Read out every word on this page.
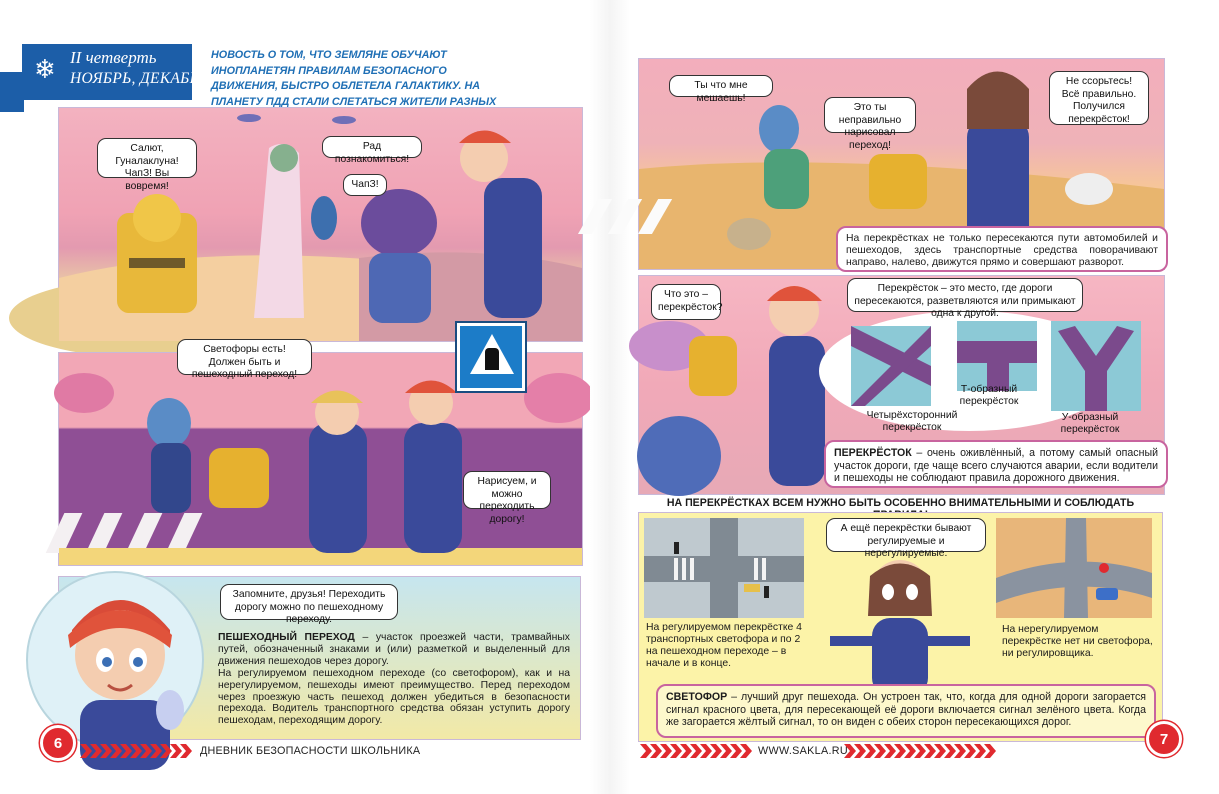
❄ II четверть
НОЯБРЬ, ДЕКАБРЬ
НОВОСТЬ О ТОМ, ЧТО ЗЕМЛЯНЕ ОБУЧАЮТ ИНОПЛАНЕТЯН ПРАВИЛАМ БЕЗОПАСНОГО ДВИЖЕНИЯ, БЫСТРО ОБЛЕТЕЛА ГАЛАКТИКУ. НА ПЛАНЕТУ ПДД СТАЛИ СЛЕТАТЬСЯ ЖИТЕЛИ РАЗНЫХ
Салют, Гуналаклуна! ЧапЗ! Вы вовремя!
Рад познакомиться!
ЧапЗ!
Светофоры есть! Должен быть и пешеходный переход!
Нарисуем, и можно переходить дорогу!
Запомните, друзья! Переходить дорогу можно по пешеходному переходу.
ПЕШЕХОДНЫЙ ПЕРЕХОД – участок проезжей части, трамвайных путей, обозначенный знаками и (или) разметкой и выделенный для движения пешеходов через дорогу.
На регулируемом пешеходном переходе (со светофором), как и на нерегулируемом, пешеходы имеют преимущество. Перед переходом через проезжую часть пешеход должен убедиться в безопасности перехода. Водитель транспортного средства обязан уступить дорогу пешеходам, переходящим дорогу.
6	ДНЕВНИК БЕЗОПАСНОСТИ ШКОЛЬНИКА
Ты что мне мешаешь!
Это ты неправильно нарисовал переход!
Не ссорьтесь! Всё правильно. Получился перекрёсток!
На перекрёстках не только пересекаются пути автомобилей и пешеходов, здесь транспортные средства поворачивают направо, налево, движутся прямо и совершают разворот.
Что это – перекрёсток?
Перекрёсток – это место, где дороги пересекаются, разветвляются или примыкают одна к другой.
Четырёхсторонний перекрёсток
Т-образный перекрёсток
У-образный перекрёсток
ПЕРЕКРЁСТОК – очень оживлённый, а потому самый опасный участок дороги, где чаще всего случаются аварии, если водители и пешеходы не соблюдают правила дорожного движения.
НА ПЕРЕКРЁСТКАХ ВСЕМ НУЖНО БЫТЬ ОСОБЕННО ВНИМАТЕЛЬНЫМИ И СОБЛЮДАТЬ
На регулируемом перекрёстке 4 транспортных светофора и по 2 на пешеходном переходе – в начале и в конце.
А ещё перекрёстки бывают регулируемые и нерегулируемые.
На нерегулируемом перекрёстке нет ни светофора, ни регулировщика.
СВЕТОФОР – лучший друг пешехода. Он устроен так, что, когда для одной дороги загорается сигнал красного цвета, для пересекающей её дороги включается сигнал зелёного цвета. Когда же загорается жёлтый сигнал, то он виден с обеих сторон пересекающихся дорог.
WWW.SAKLA.RU
7
